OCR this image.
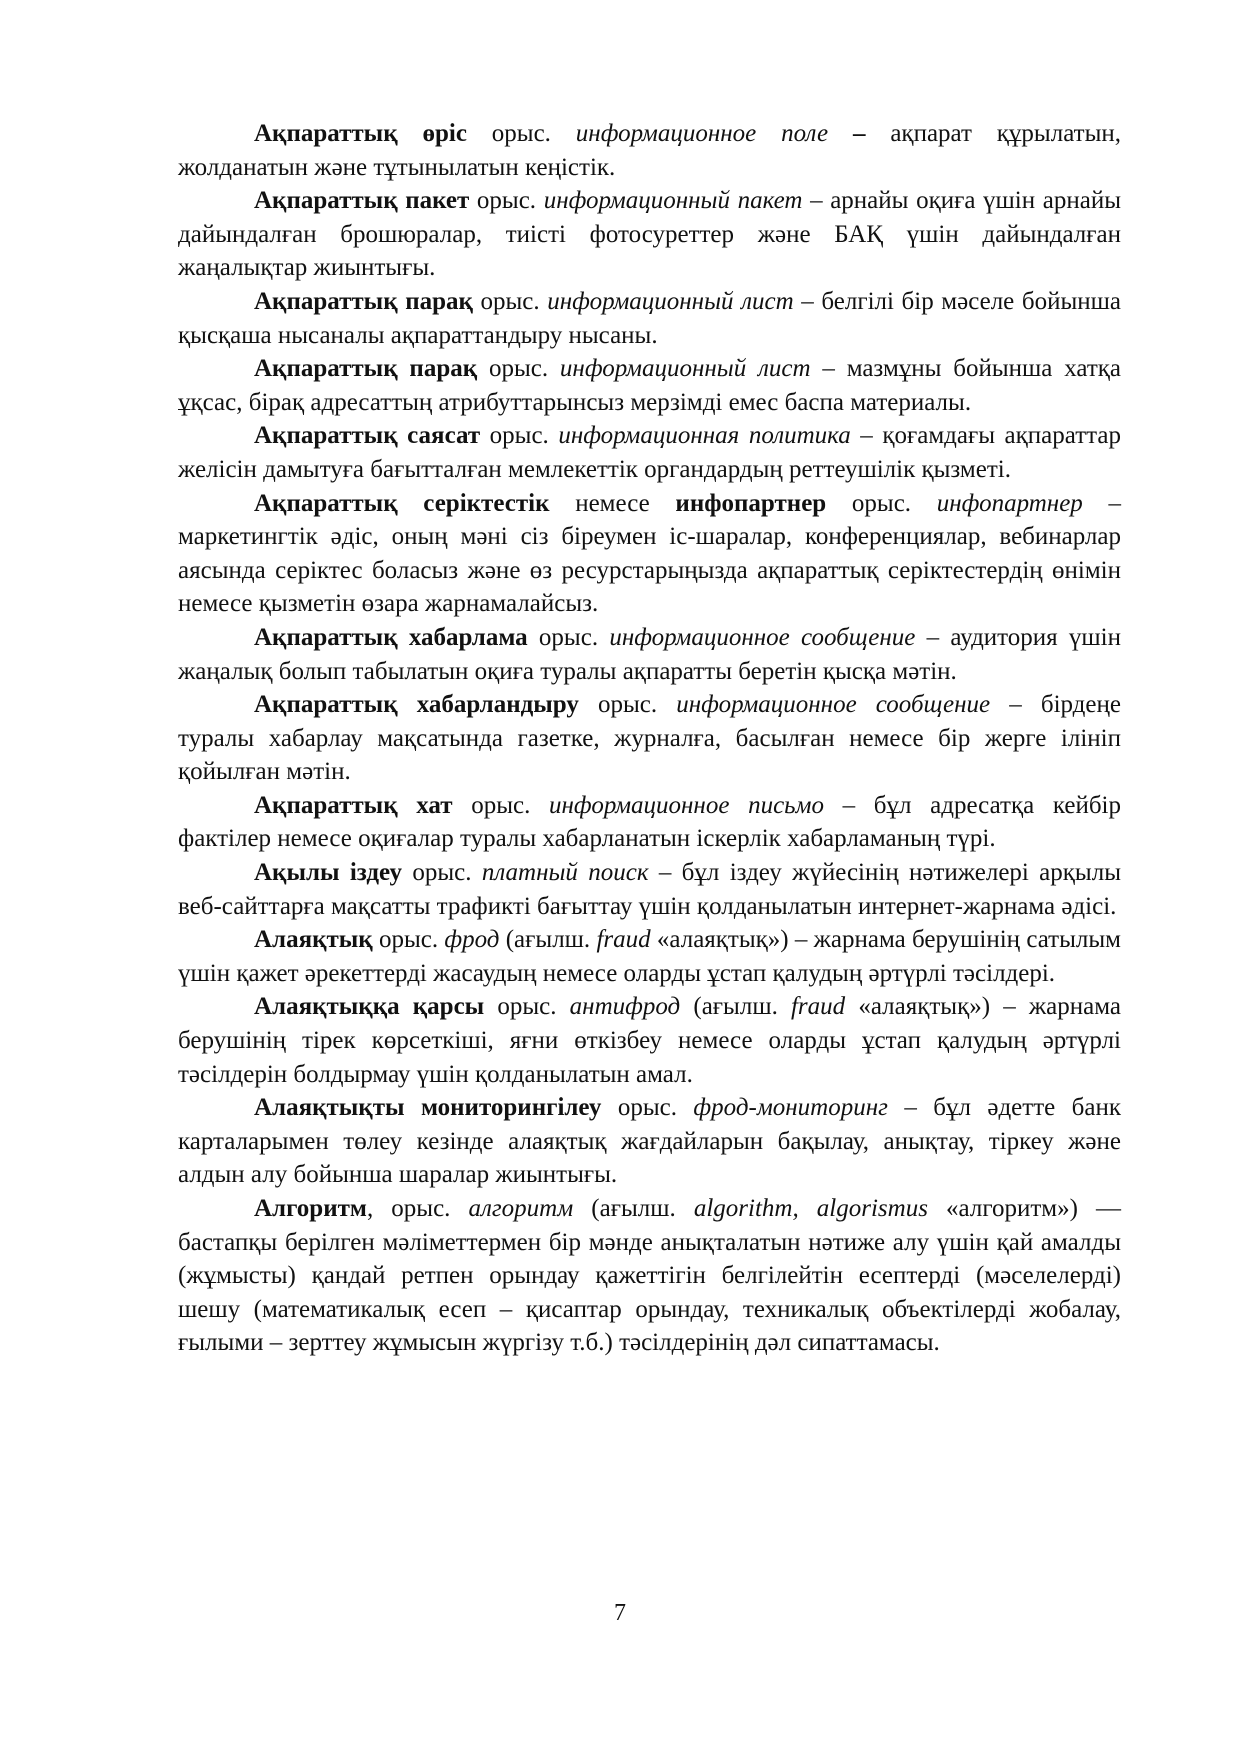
Ақпараттық өріс орыс. информационное поле – ақпарат құрылатын, жолданатын және тұтынылатын кеңістік.

Ақпараттық пакет орыс. информационный пакет – арнайы оқиға үшін арнайы дайындалған брошюралар, тиісті фотосуреттер және БАҚ үшін дайындалған жаңалықтар жиынтығы.

Ақпараттық парақ орыс. информационный лист – белгілі бір мәселе бойынша қысқаша нысаналы ақпараттандыру нысаны.

Ақпараттық парақ орыс. информационный лист – мазмұны бойынша хатқа ұқсас, бірақ адресаттың атрибуттарынсыз мерзімді емес баспа материалы.

Ақпараттық саясат орыс. информационная политика – қоғамдағы ақпараттар желісін дамытуға бағытталған мемлекеттік органдардың реттеушілік қызметі.

Ақпараттық серіктестік немесе инфопартнер орыс. инфопартнер – маркетингтік әдіс, оның мәні сіз біреумен іс-шаралар, конференциялар, вебинарлар аясында серіктес боласыз және өз ресурстарыңызда ақпараттық серіктестердің өнімін немесе қызметін өзара жарнамалайсыз.

Ақпараттық хабарлама орыс. информационное сообщение – аудитория үшін жаңалық болып табылатын оқиға туралы ақпаратты беретін қысқа мәтін.

Ақпараттық хабарландыру орыс. информационное сообщение – бірдеңе туралы хабарлау мақсатында газетке, журналға, басылған немесе бір жерге ілініп қойылған мәтін.

Ақпараттық хат орыс. информационное письмо – бұл адресатқа кейбір фактілер немесе оқиғалар туралы хабарланатын іскерлік хабарламаның түрі.

Ақылы іздеу орыс. платный поиск – бұл іздеу жүйесінің нәтижелері арқылы веб-сайттарға мақсатты трафикті бағыттау үшін қолданылатын интернет-жарнама әдісі.

Алаяқтық орыс. фрод (ағылш. fraud «алаяқтық») – жарнама берушінің сатылым үшін қажет әрекеттерді жасаудың немесе оларды ұстап қалудың әртүрлі тәсілдері.

Алаяқтыққа қарсы орыс. антифрод (ағылш. fraud «алаяқтық») – жарнама берушінің тірек көрсеткіші, яғни өткізбеу немесе оларды ұстап қалудың әртүрлі тәсілдерін болдырмау үшін қолданылатын амал.

Алаяқтықты мониторингілеу орыс. фрод-мониторинг – бұл әдетте банк карталарымен төлеу кезінде алаяқтық жағдайларын бақылау, анықтау, тіркеу және алдын алу бойынша шаралар жиынтығы.

Алгоритм, орыс. алгоритм (ағылш. algorithm, algorismus «алгоритм») — бастапқы берілген мәліметтермен бір мәнде анықталатын нәтиже алу үшін қай амалды (жұмысты) қандай ретпен орындау қажеттігін белгілейтін есептерді (мәселелерді) шешу (математикалық есеп – қисаптар орындау, техникалық объектілерді жобалау, ғылыми – зерттеу жұмысын жүргізу т.б.) тәсілдерінің дәл сипаттамасы.

7
